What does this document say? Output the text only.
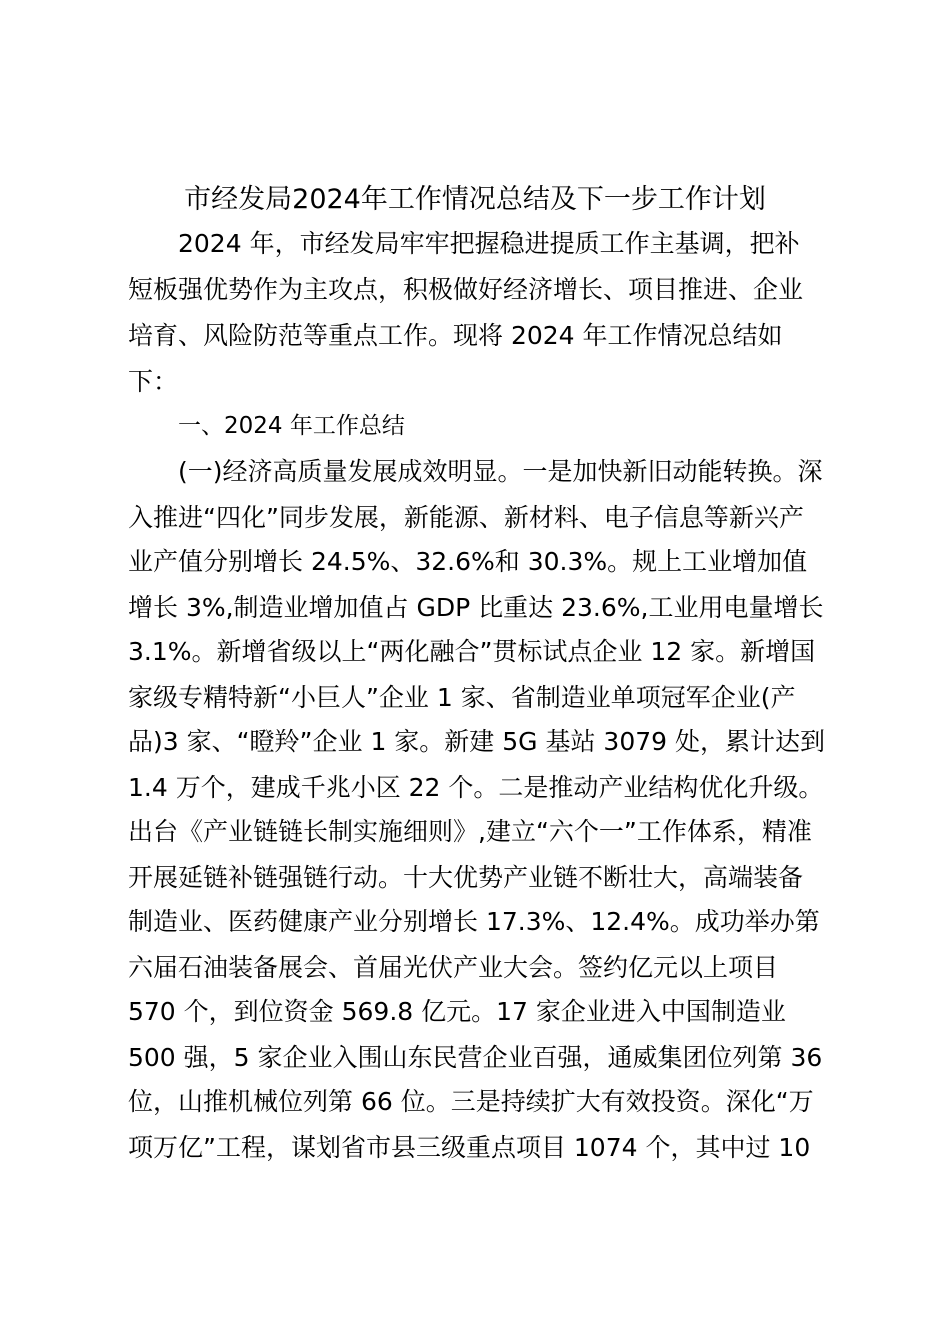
市经发局2024年工作情况总结及下一步工作计划
2024 年，市经发局牢牢把握稳进提质工作主基调，把补
短板强优势作为主攻点，积极做好经济增长、项目推进、企业
培育、风险防范等重点工作。现将 2024 年工作情况总结如
下：
一、2024 年工作总结
(一)经济高质量发展成效明显。一是加快新旧动能转换。深
入推进“四化”同步发展，新能源、新材料、电子信息等新兴产
业产值分别增长 24.5%、32.6%和 30.3%。规上工业增加值
增长 3%,制造业增加值占 GDP 比重达 23.6%,工业用电量增长
3.1%。新增省级以上“两化融合”贯标试点企业 12 家。新增国
家级专精特新“小巨人”企业 1 家、省制造业单项冠军企业(产
品)3 家、“瞪羚”企业 1 家。新建 5G 基站 3079 处，累计达到
1.4 万个，建成千兆小区 22 个。二是推动产业结构优化升级。
出台《产业链链长制实施细则》,建立“六个一”工作体系，精准
开展延链补链强链行动。十大优势产业链不断壮大，高端装备
制造业、医药健康产业分别增长 17.3%、12.4%。成功举办第
六届石油装备展会、首届光伏产业大会。签约亿元以上项目
570 个，到位资金 569.8 亿元。17 家企业进入中国制造业
500 强，5 家企业入围山东民营企业百强，通威集团位列第 36
位，山推机械位列第 66 位。三是持续扩大有效投资。深化“万
项万亿”工程，谋划省市县三级重点项目 1074 个，其中过 10
